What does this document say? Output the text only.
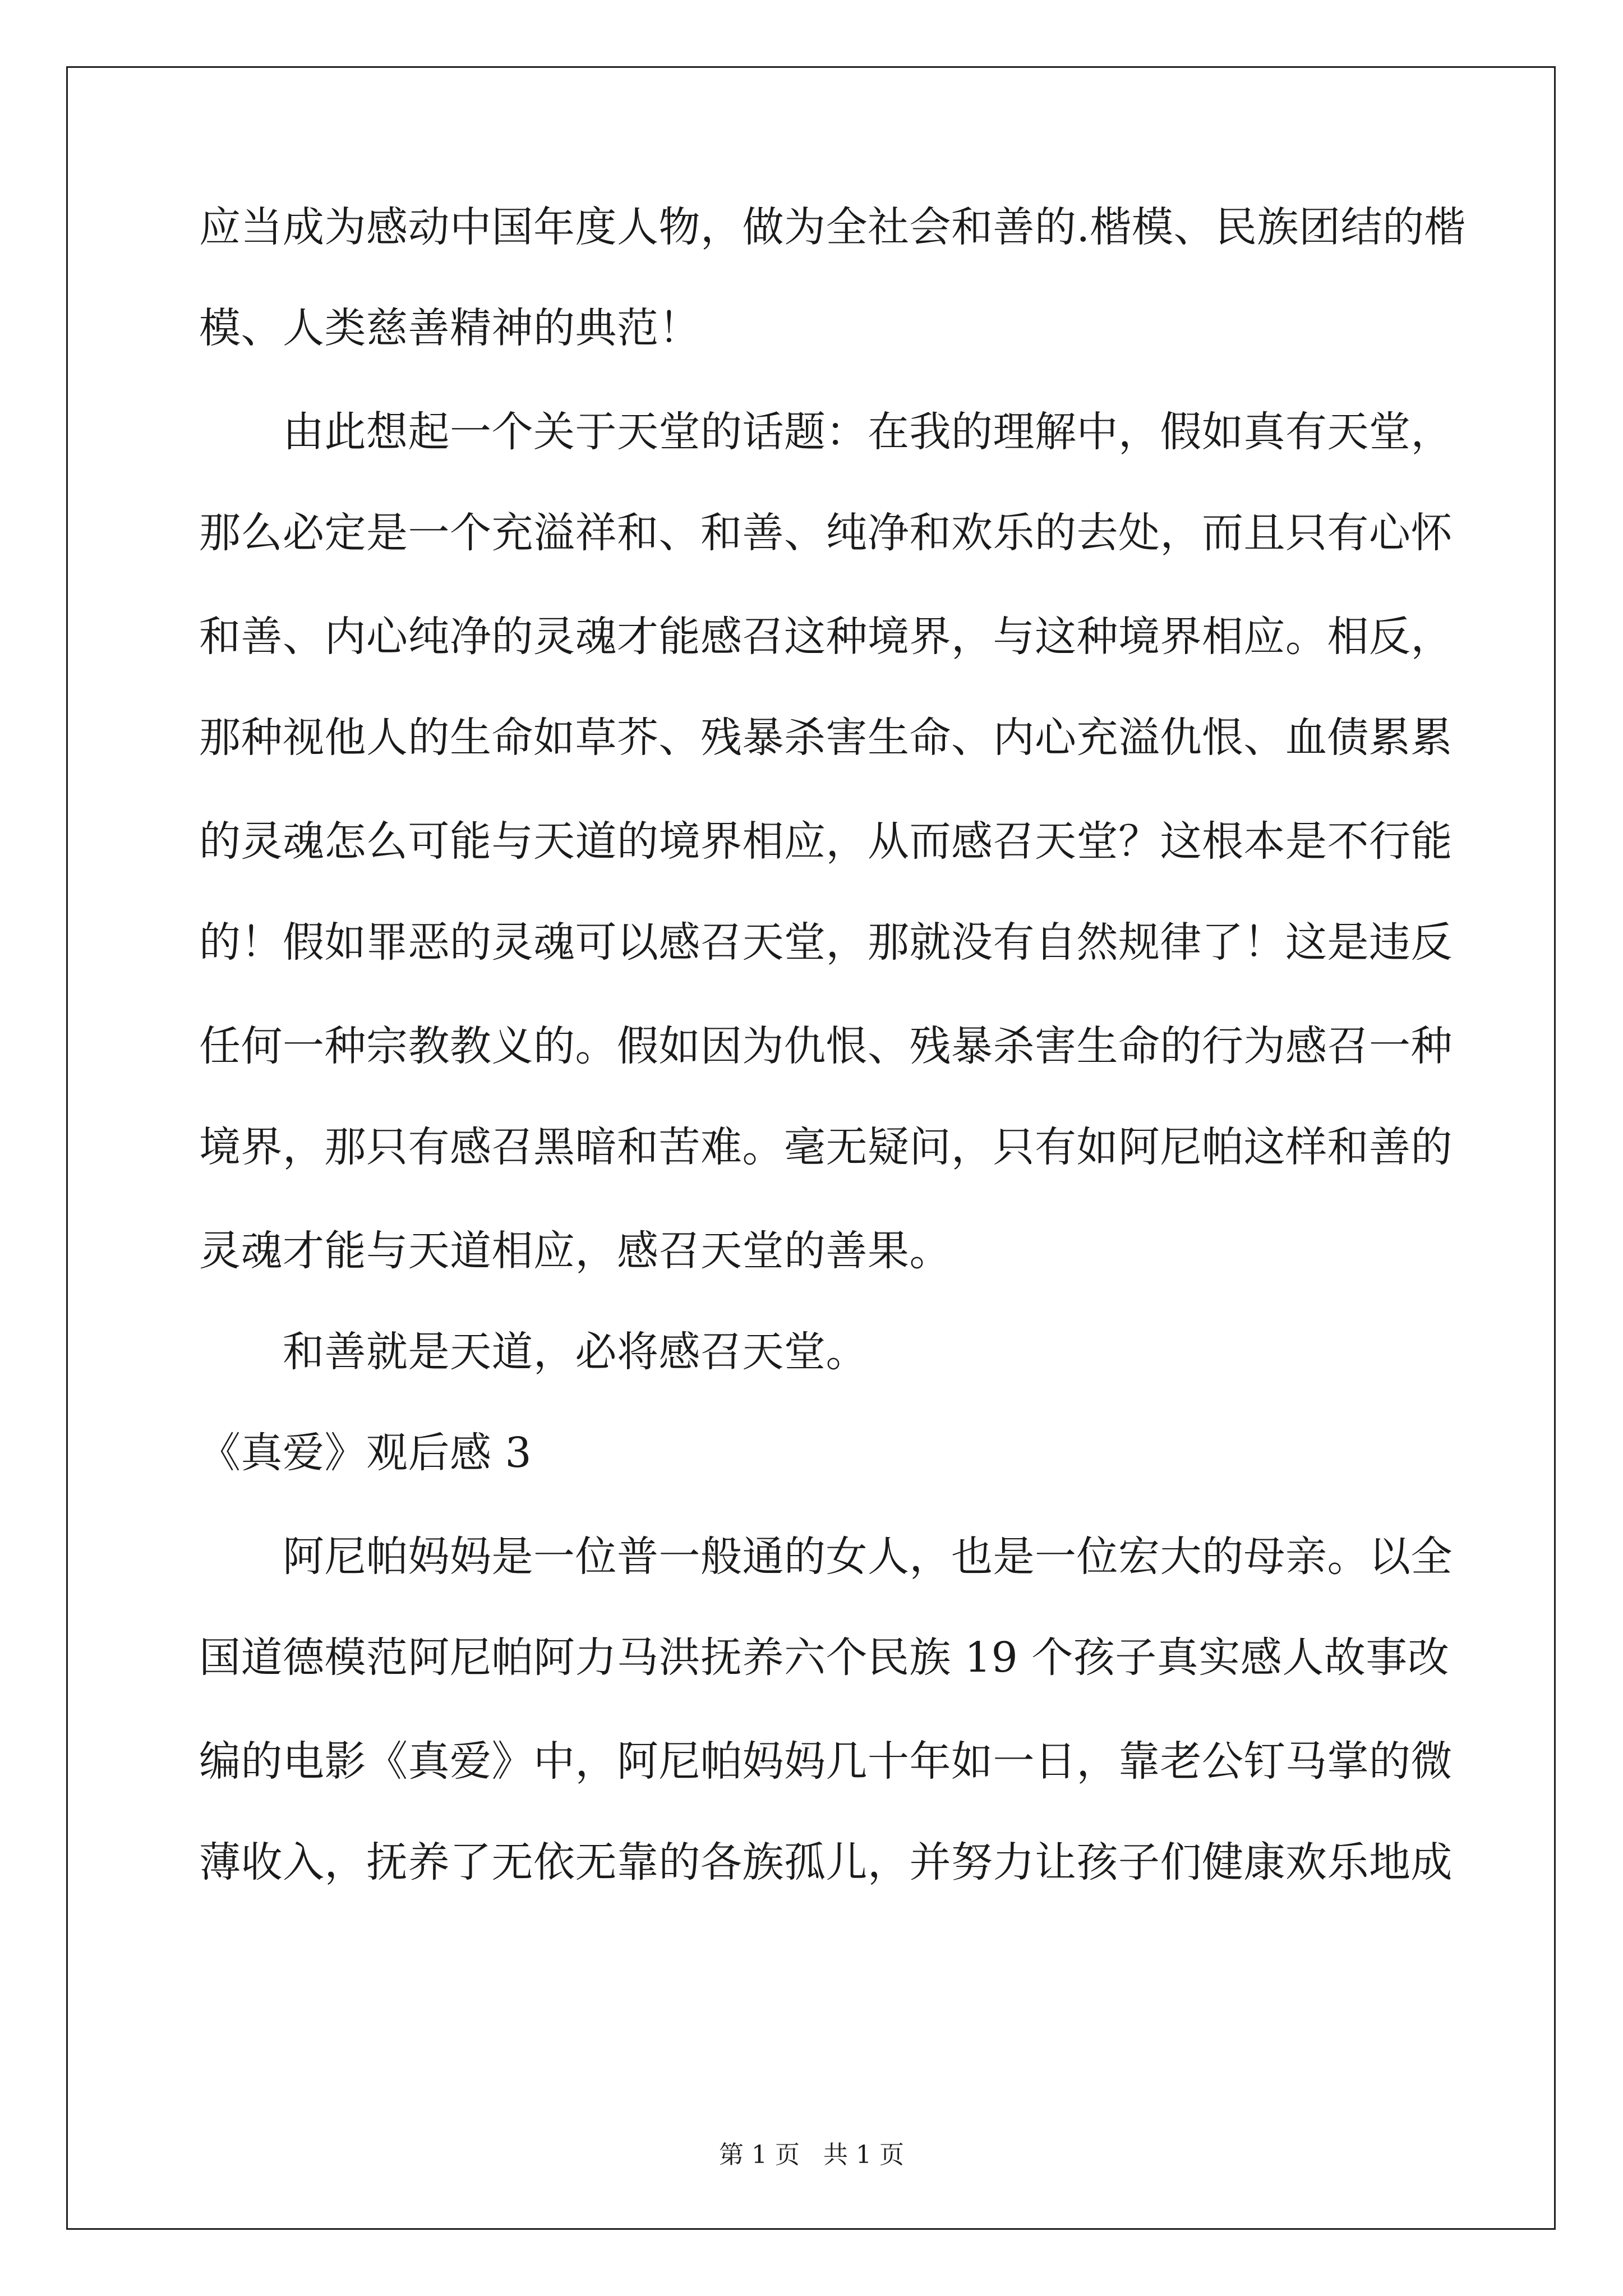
应当成为感动中国年度人物，做为全社会和善的.楷模、民族团结的楷
模、人类慈善精神的典范！
　　由此想起一个关于天堂的话题：在我的理解中，假如真有天堂，
那么必定是一个充溢祥和、和善、纯净和欢乐的去处，而且只有心怀
和善、内心纯净的灵魂才能感召这种境界，与这种境界相应。相反，
那种视他人的生命如草芥、残暴杀害生命、内心充溢仇恨、血债累累
的灵魂怎么可能与天道的境界相应，从而感召天堂？这根本是不行能
的！假如罪恶的灵魂可以感召天堂，那就没有自然规律了！这是违反
任何一种宗教教义的。假如因为仇恨、残暴杀害生命的行为感召一种
境界，那只有感召黑暗和苦难。毫无疑问，只有如阿尼帕这样和善的
灵魂才能与天道相应，感召天堂的善果。
　　和善就是天道，必将感召天堂。
《真爱》观后感 3
　　阿尼帕妈妈是一位普一般通的女人，也是一位宏大的母亲。以全
国道德模范阿尼帕阿力马洪抚养六个民族 19 个孩子真实感人故事改
编的电影《真爱》中，阿尼帕妈妈几十年如一日，靠老公钉马掌的微
薄收入，抚养了无依无靠的各族孤儿，并努力让孩子们健康欢乐地成
第 1 页   共 1 页
